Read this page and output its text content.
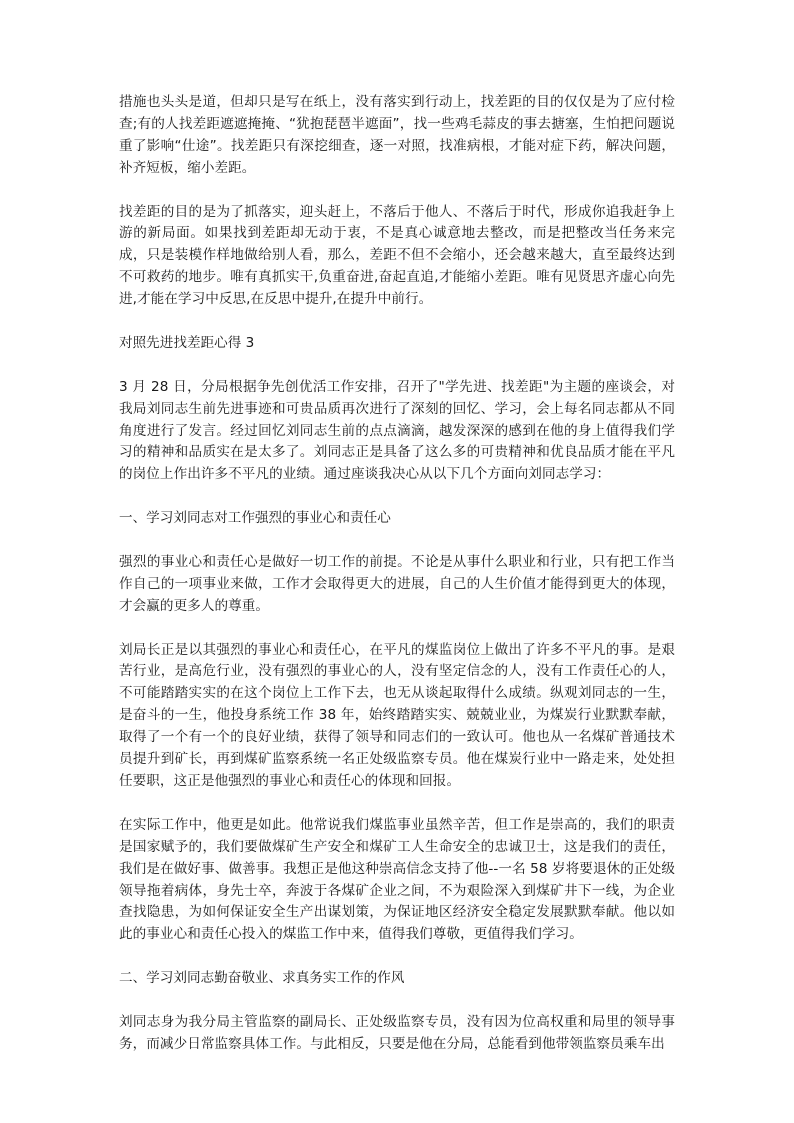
措施也头头是道，但却只是写在纸上，没有落实到行动上，找差距的目的仅仅是为了应付检查;有的人找差距遮遮掩掩、“犹抱琵琶半遮面”，找一些鸡毛蒜皮的事去搪塞，生怕把问题说重了影响“仕途”。找差距只有深挖细查，逐一对照，找准病根，才能对症下药，解决问题，补齐短板，缩小差距。

找差距的目的是为了抓落实，迎头赶上，不落后于他人、不落后于时代，形成你追我赶争上游的新局面。如果找到差距却无动于衷，不是真心诚意地去整改，而是把整改当任务来完成，只是装模作样地做给别人看，那么，差距不但不会缩小，还会越来越大，直至最终达到不可救药的地步。唯有真抓实干,负重奋进,奋起直追,才能缩小差距。唯有见贤思齐虚心向先进,才能在学习中反思,在反思中提升,在提升中前行。

对照先进找差距心得 3

3 月 28 日，分局根据争先创优活工作安排，召开了"学先进、找差距"为主题的座谈会，对我局刘同志生前先进事迹和可贵品质再次进行了深刻的回忆、学习，会上每名同志都从不同角度进行了发言。经过回忆刘同志生前的点点滴滴，越发深深的感到在他的身上值得我们学习的精神和品质实在是太多了。刘同志正是具备了这么多的可贵精神和优良品质才能在平凡的岗位上作出许多不平凡的业绩。通过座谈我决心从以下几个方面向刘同志学习：

一、学习刘同志对工作强烈的事业心和责任心

强烈的事业心和责任心是做好一切工作的前提。不论是从事什么职业和行业，只有把工作当作自己的一项事业来做，工作才会取得更大的进展，自己的人生价值才能得到更大的体现，才会赢的更多人的尊重。

刘局长正是以其强烈的事业心和责任心，在平凡的煤监岗位上做出了许多不平凡的事。是艰苦行业，是高危行业，没有强烈的事业心的人，没有坚定信念的人，没有工作责任心的人，不可能踏踏实实的在这个岗位上工作下去，也无从谈起取得什么成绩。纵观刘同志的一生，是奋斗的一生，他投身系统工作 38 年，始终踏踏实实、兢兢业业，为煤炭行业默默奉献，取得了一个有一个的良好业绩，获得了领导和同志们的一致认可。他也从一名煤矿普通技术员提升到矿长，再到煤矿监察系统一名正处级监察专员。他在煤炭行业中一路走来，处处担任要职，这正是他强烈的事业心和责任心的体现和回报。

在实际工作中，他更是如此。他常说我们煤监事业虽然辛苦，但工作是崇高的，我们的职责是国家赋予的，我们要做煤矿生产安全和煤矿工人生命安全的忠诚卫士，这是我们的责任，我们是在做好事、做善事。我想正是他这种崇高信念支持了他--一名 58 岁将要退休的正处级领导拖着病体，身先士卒，奔波于各煤矿企业之间，不为艰险深入到煤矿井下一线，为企业查找隐患，为如何保证安全生产出谋划策，为保证地区经济安全稳定发展默默奉献。他以如此的事业心和责任心投入的煤监工作中来，值得我们尊敬，更值得我们学习。

二、学习刘同志勤奋敬业、求真务实工作的作风

刘同志身为我分局主管监察的副局长、正处级监察专员，没有因为位高权重和局里的领导事务，而减少日常监察具体工作。与此相反，只要是他在分局，总能看到他带领监察员乘车出
